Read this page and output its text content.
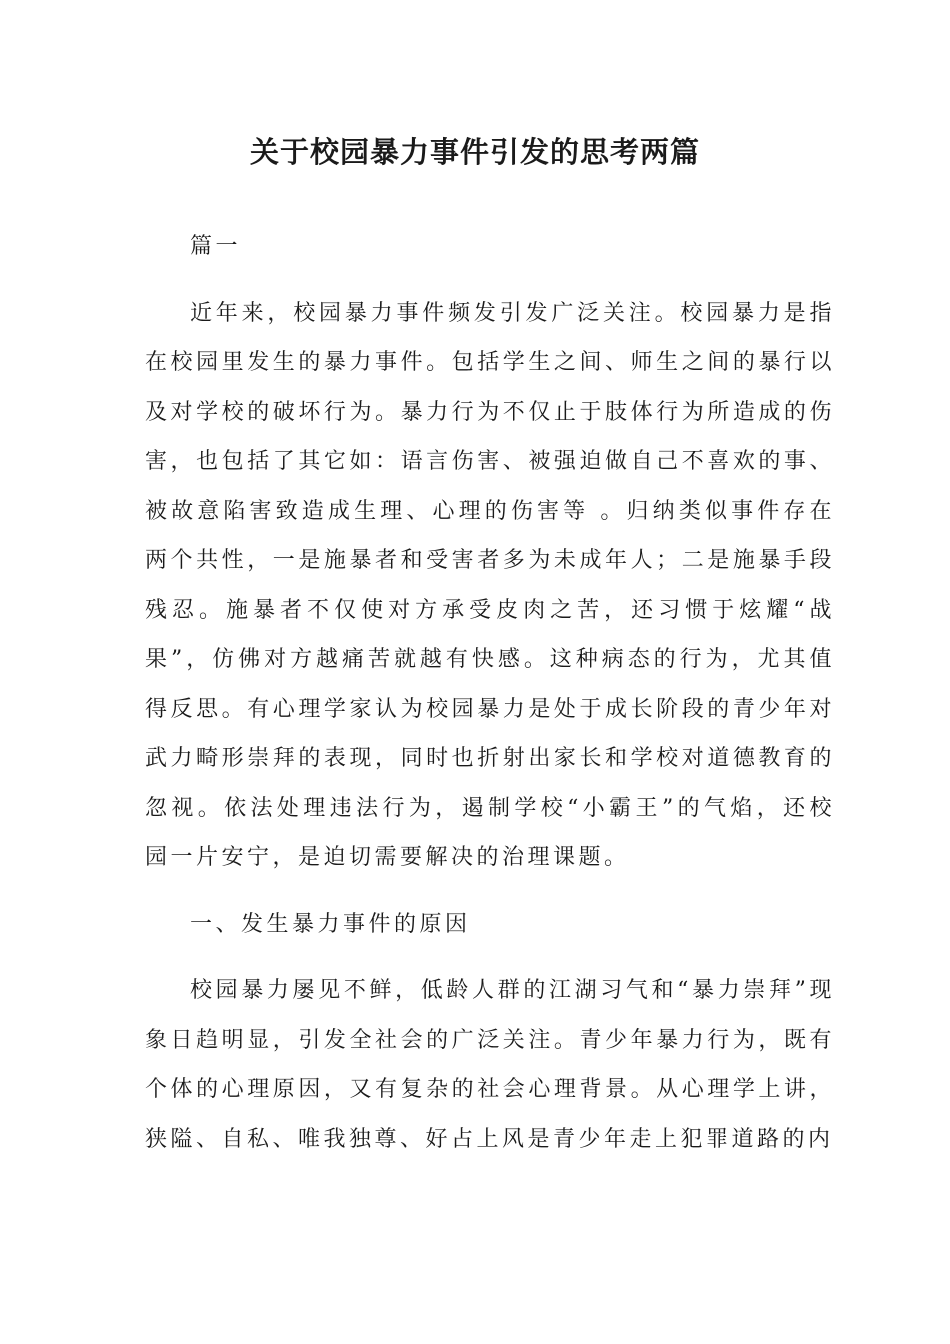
关于校园暴力事件引发的思考两篇

篇一

近年来，校园暴力事件频发引发广泛关注。校园暴力是指在校园里发生的暴力事件。包括学生之间、师生之间的暴行以及对学校的破坏行为。暴力行为不仅止于肢体行为所造成的伤害，也包括了其它如：语言伤害、被强迫做自己不喜欢的事、被故意陷害致造成生理、心理的伤害等 。归纳类似事件存在两个共性，一是施暴者和受害者多为未成年人；二是施暴手段残忍。施暴者不仅使对方承受皮肉之苦，还习惯于炫耀“战果”，仿佛对方越痛苦就越有快感。这种病态的行为，尤其值得反思。有心理学家认为校园暴力是处于成长阶段的青少年对武力畸形崇拜的表现，同时也折射出家长和学校对道德教育的忽视。依法处理违法行为，遏制学校“小霸王”的气焰，还校园一片安宁，是迫切需要解决的治理课题。

一、发生暴力事件的原因

校园暴力屡见不鲜，低龄人群的江湖习气和“暴力崇拜”现象日趋明显，引发全社会的广泛关注。青少年暴力行为，既有个体的心理原因，又有复杂的社会心理背景。从心理学上讲，狭隘、自私、唯我独尊、好占上风是青少年走上犯罪道路的内
